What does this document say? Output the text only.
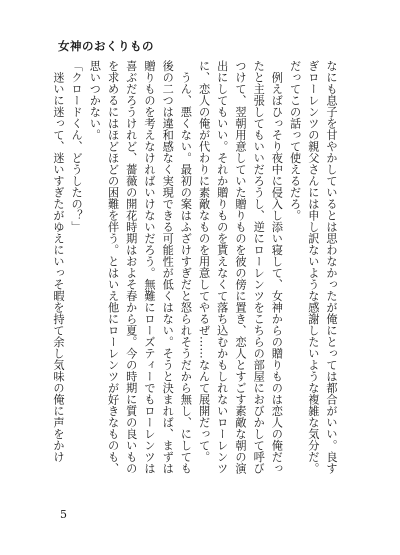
女神のおくりもの

なにも息子を甘やかしているとは思わなかったが俺にとっては都合がいい。良すぎローレンツの親父さんには申し訳ないような感謝したいような複雑な気分だ。だってこの話って使えるだろ。

　例えばひっそり夜中に侵入し添い寝して、女神からの贈りものは恋人の俺だったと主張してもいいだろうし、逆にローレンツをこちらの部屋におびかして呼びつけて、翌朝用意していた贈りものを彼の傍に置き、恋人とすごす素敵な朝の演出にしてもいい。それか贈りものを貰えなくて落ち込むかもしれないローレンツに、恋人の俺が代わりに素敵なものを用意してやるぜ……なんて展開だって。

　うん、悪くない。最初の案はふざけすぎだと怒られそうだから無し、にしても後の二つは違和感なく実現できる可能性が低くはない。そうと決まれば、まずは贈りものを考えなければいけないだろう。無難にローズティーでもローレンツは喜ぶだろうけれど、薔薇の開花時期はおよそ春から夏。今の時期に質の良いものを求めるにはほどほどの困難を伴う。とはいえ他にローレンツが好きなものも、思いつかない。

「クロードくん、どうしたの？」

　迷いに迷って、迷いすぎたがゆえにいっそ暇を持て余し気味の俺に声をかけ

5
